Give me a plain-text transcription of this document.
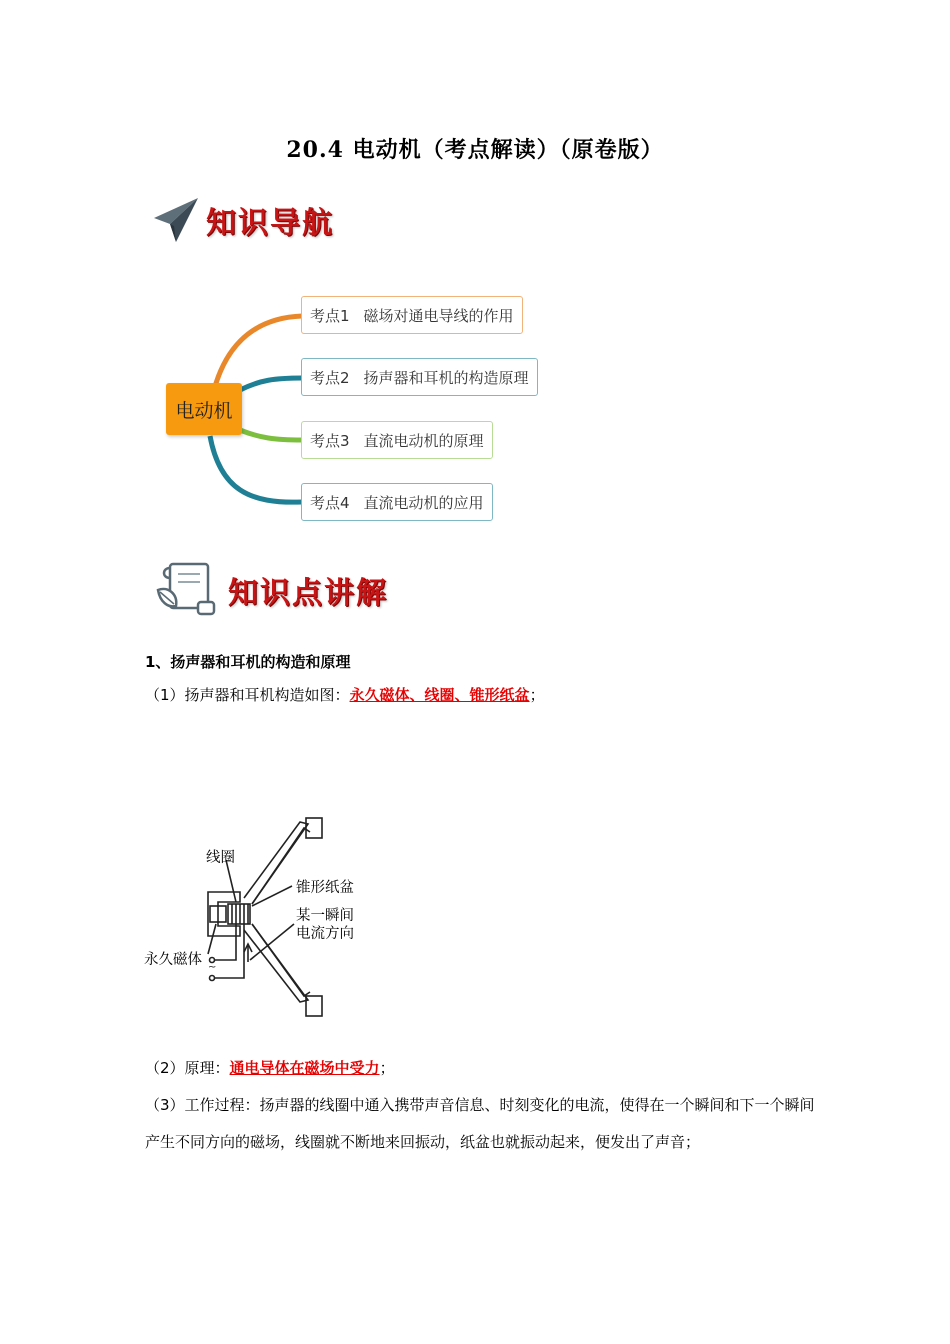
20.4 电动机（考点解读）（原卷版）
知识导航
电动机
考点1 磁场对通电导线的作用
考点2 扬声器和耳机的构造原理
考点3 直流电动机的原理
考点4 直流电动机的应用
知识点讲解
1、扬声器和耳机的构造和原理
（1）扬声器和耳机构造如图：永久磁体、线圈、锥形纸盆；
~
线圈
锥形纸盆
某一瞬间
电流方向
永久磁体
（2）原理：通电导体在磁场中受力；
（3）工作过程：扬声器的线圈中通入携带声音信息、时刻变化的电流，使得在一个瞬间和下一个瞬间产生不同方向的磁场，线圈就不断地来回振动，纸盆也就振动起来，便发出了声音；
